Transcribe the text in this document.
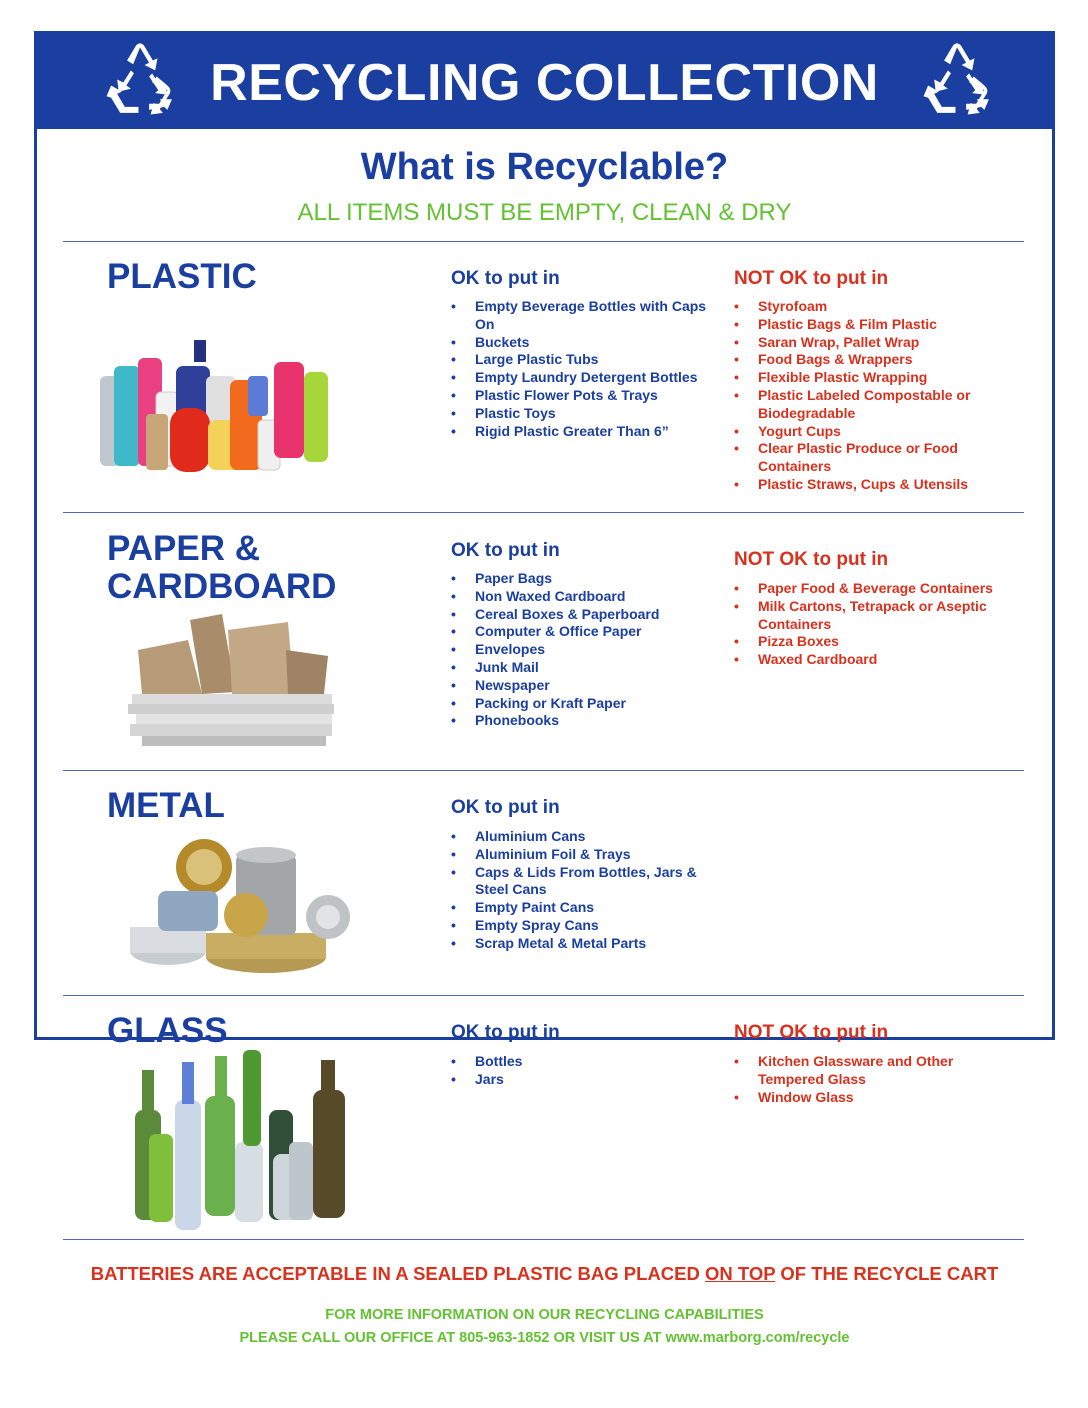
RECYCLING COLLECTION
What is Recyclable?
ALL ITEMS MUST BE EMPTY, CLEAN & DRY
PLASTIC	OK to put in
• Empty Beverage Bottles with Caps On
• Buckets
• Large Plastic Tubs
• Empty Laundry Detergent Bottles
• Plastic Flower Pots & Trays
• Plastic Toys
• Rigid Plastic Greater Than 6”
NOT OK to put in
• Styrofoam
• Plastic Bags & Film Plastic
• Saran Wrap, Pallet Wrap
• Food Bags & Wrappers
• Flexible Plastic Wrapping
• Plastic Labeled Compostable or Biodegradable
• Yogurt Cups
• Clear Plastic Produce or Food Containers
• Plastic Straws, Cups & Utensils
PAPER &
CARDBOARD
OK to put in
• Paper Bags
• Non Waxed Cardboard
• Cereal Boxes & Paperboard
• Computer & Office Paper
• Envelopes
• Junk Mail
• Newspaper
• Packing or Kraft Paper
• Phonebooks
NOT OK to put in
• Paper Food & Beverage Containers
• Milk Cartons, Tetrapack or Aseptic Containers
• Pizza Boxes
• Waxed Cardboard
METAL	OK to put in
• Aluminium Cans
• Aluminium Foil & Trays
• Caps & Lids From Bottles, Jars & Steel Cans
• Empty Paint Cans
• Empty Spray Cans
• Scrap Metal & Metal Parts
GLASS	OK to put in
• Bottles
• Jars
NOT OK to put in
• Kitchen Glassware and Other Tempered Glass
• Window Glass
BATTERIES ARE ACCEPTABLE IN A SEALED PLASTIC BAG PLACED ON TOP OF THE RECYCLE CART
FOR MORE INFORMATION ON OUR RECYCLING CAPABILITIES
PLEASE CALL OUR OFFICE AT 805-963-1852 OR VISIT US AT www.marborg.com/recycle
